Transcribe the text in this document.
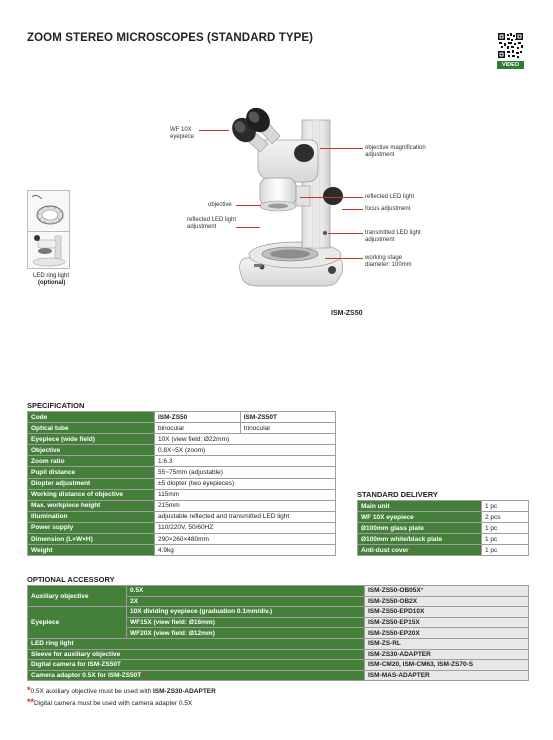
ZOOM STEREO MICROSCOPES (STANDARD TYPE)
VIDEO
WF 10X eyepiece
objective magnification adjustment
objective
reflected LED light
focus adjustment
reflected LED light adjustment
transmitted LED light adjustment
working stage diameter: 100mm
LED ring light
(optional)
ISM-ZS50
SPECIFICATION
Code	ISM-ZS50	ISM-ZS50T
Optical tube	binocular	trinocular
Eyepiece (wide field)	10X (view field: Ø22mm)	
Objective	0.8X~5X (zoom)	
Zoom ratio	1:6.3	
Pupil distance	55~75mm (adjustable)	
Diopter adjustment	±5 diopter (two eyepieces)	
Working distance of objective	115mm	
Max. workpiece height	215mm	
Illumination	adjustable reflected and transmitted LED light	
Power supply	110/220V, 50/60HZ	
Dimension (L×W×H)	290×260×480mm	
Weight	4.9kg	
STANDARD DELIVERY
Main unit	1 pc
WF 10X eyepiece	2 pcs
Ø100mm glass plate	1 pc
Ø100mm white/black plate	1 pc
Anti-dust cover	1 pc
OPTIONAL ACCESSORY
Auxiliary objective	0.5X	ISM-ZS50-OB05X*
	2X	ISM-ZS50-OB2X
Eyepiece	10X dividing eyepiece (graduation 0.1mm/div.)	ISM-ZS50-EPD10X
	WF15X (view field: Ø16mm)	ISM-ZS50-EP15X
	WF20X (view field: Ø12mm)	ISM-ZS50-EP20X
LED ring light		ISM-ZS-RL
Sleeve for auxiliary objective		ISM-ZS30-ADAPTER
Digital camera for ISM-ZS50T		ISM-CM20, ISM-CM63, ISM-ZS70-S
Camera adaptor 0.5X for ISM-ZS50T**		ISM-MAS-ADAPTER
*0.5X auxiliary objective must be used with ISM-ZS30-ADAPTER
**Digital camera must be used with camera adapter 0.5X
